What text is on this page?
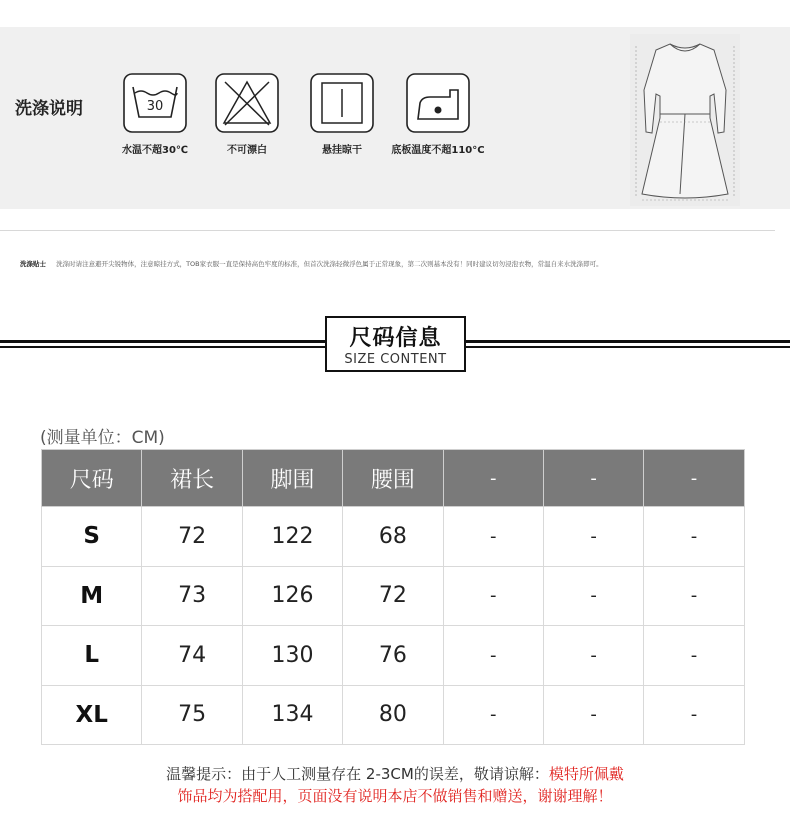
洗涤说明	30
水温不超30℃	不可漂白	悬挂晾干	底板温度不超110°C
洗涤贴士 洗涤时请注意避开尖锐物体，注意晾挂方式，TOB家衣服一直是保持高色牢度的标准，但首次洗涤轻微浮色属于正常现象，第二次则基本没有！同时建议切勿浸泡衣物，常温自来水洗涤即可。
尺码信息
SIZE CONTENT
(测量单位：CM)
尺码	裙长	脚围	腰围	-	-	-
S	72	122	68	-	-	-
M	73	126	72	-	-	-
L	74	130	76	-	-	-
XL	75	134	80	-	-	-
温馨提示：由于人工测量存在 2-3CM的误差，敬请谅解：模特所佩戴
饰品均为搭配用，页面没有说明本店不做销售和赠送，谢谢理解！
